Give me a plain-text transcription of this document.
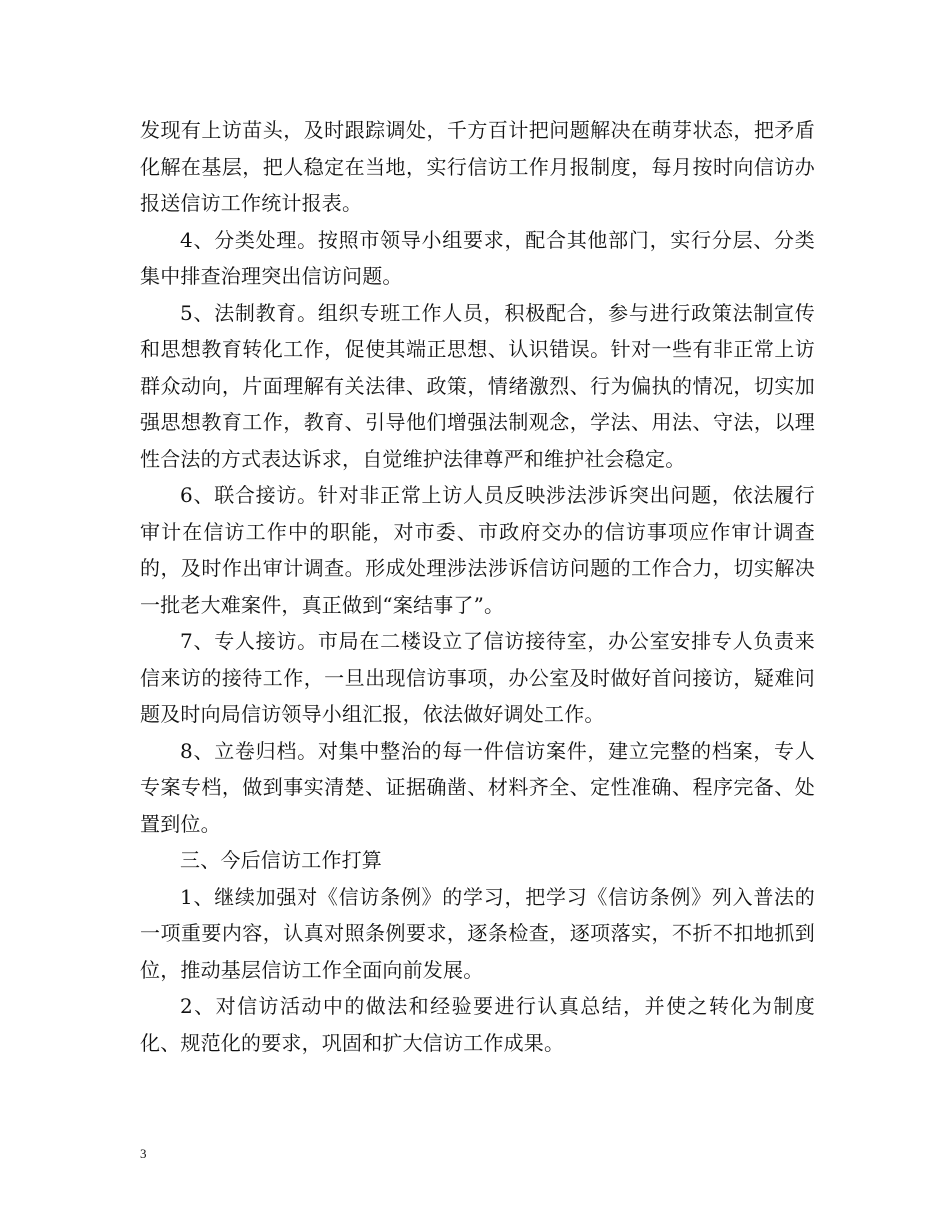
发现有上访苗头，及时跟踪调处，千方百计把问题解决在萌芽状态，把矛盾化解在基层，把人稳定在当地，实行信访工作月报制度，每月按时向信访办报送信访工作统计报表。

4、分类处理。按照市领导小组要求，配合其他部门，实行分层、分类集中排查治理突出信访问题。

5、法制教育。组织专班工作人员，积极配合，参与进行政策法制宣传和思想教育转化工作，促使其端正思想、认识错误。针对一些有非正常上访群众动向，片面理解有关法律、政策，情绪激烈、行为偏执的情况，切实加强思想教育工作，教育、引导他们增强法制观念，学法、用法、守法，以理性合法的方式表达诉求，自觉维护法律尊严和维护社会稳定。

6、联合接访。针对非正常上访人员反映涉法涉诉突出问题，依法履行审计在信访工作中的职能，对市委、市政府交办的信访事项应作审计调查的，及时作出审计调查。形成处理涉法涉诉信访问题的工作合力，切实解决一批老大难案件，真正做到“案结事了”。

7、专人接访。市局在二楼设立了信访接待室，办公室安排专人负责来信来访的接待工作，一旦出现信访事项，办公室及时做好首问接访，疑难问题及时向局信访领导小组汇报，依法做好调处工作。

8、立卷归档。对集中整治的每一件信访案件，建立完整的档案，专人专案专档，做到事实清楚、证据确凿、材料齐全、定性准确、程序完备、处置到位。

三、今后信访工作打算

1、继续加强对《信访条例》的学习，把学习《信访条例》列入普法的一项重要内容，认真对照条例要求，逐条检查，逐项落实，不折不扣地抓到位，推动基层信访工作全面向前发展。

2、对信访活动中的做法和经验要进行认真总结，并使之转化为制度化、规范化的要求，巩固和扩大信访工作成果。

3
